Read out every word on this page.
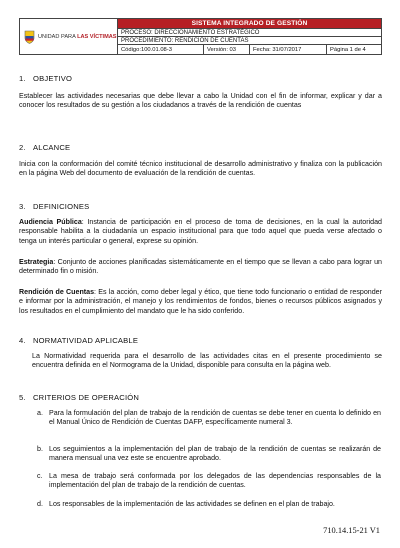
UNIDAD PARA LAS VÍCTIMAS
SISTEMA INTEGRADO DE GESTIÓN
PROCESO: DIRECCIONAMIENTO ESTRATÉGICO
PROCEDIMIENTO: RENDICIÓN DE CUENTAS
Código:100.01.08-3	Versión: 03	Fecha: 31/07/2017	Página 1 de 4
1. OBJETIVO
Establecer las actividades necesarias que debe llevar a cabo la Unidad con el fin de informar, explicar y dar a conocer los resultados de su gestión a los ciudadanos a través de la rendición de cuentas
2. ALCANCE
Inicia con la conformación del comité técnico institucional de desarrollo administrativo y finaliza con la publicación en la página Web del documento de evaluación de la rendición de cuentas.
3. DEFINICIONES
Audiencia Pública: Instancia de participación en el proceso de toma de decisiones, en la cual la autoridad responsable habilita a la ciudadanía un espacio institucional para que todo aquel que pueda verse afectado o tenga un interés particular o general, exprese su opinión.
Estrategia: Conjunto de acciones planificadas sistemáticamente en el tiempo que se llevan a cabo para lograr un determinado fin o misión.
Rendición de Cuentas: Es la acción, como deber legal y ético, que tiene todo funcionario o entidad de responder e informar por la administración, el manejo y los rendimientos de fondos, bienes o recursos públicos asignados y los resultados en el cumplimiento del mandato que le ha sido conferido.
4. NORMATIVIDAD APLICABLE
La Normatividad requerida para el desarrollo de las actividades citas en el presente procedimiento se encuentra definida en el Normograma de la Unidad, disponible para consulta en la página web.
5. CRITERIOS DE OPERACIÓN
a. Para la formulación del plan de trabajo de la rendición de cuentas se debe tener en cuenta lo definido en el Manual Único de Rendición de Cuentas DAFP, específicamente numeral 3.
b. Los seguimientos a la implementación del plan de trabajo de la rendición de cuentas se realizarán de manera mensual una vez este se encuentre aprobado.
c. La mesa de trabajo será conformada por los delegados de las dependencias responsables de la implementación del plan de trabajo de la rendición de cuentas.
d. Los responsables de la implementación de las actividades se definen en el plan de trabajo.
710.14.15-21 V1
